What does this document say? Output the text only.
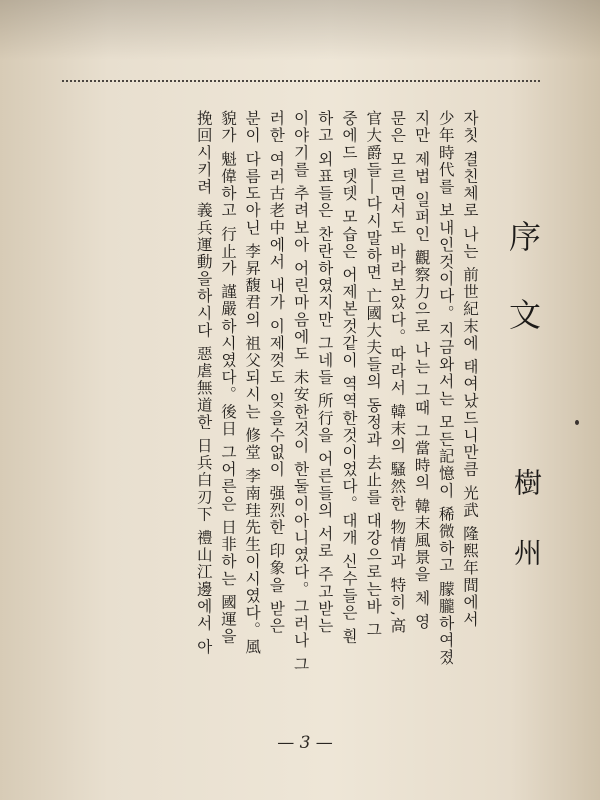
序文
樹州
자칫 결친체로 나는 前世紀末에 태여났드니만큼 光武 隆熙年間에서
少年時代를 보내인것이다。지금와서는 모든記憶이 稀微하고 朦朧하여졌
지만 제법 일퍼인 觀察力으로 나는 그때 그當時의 韓末風景을 체 영
문은 모르면서도 바라보았다。따라서 韓末의 騷然한 物情과 特히,高
官大爵들―다시말하면 亡國大夫들의 동정과 去止를 대강으로는바 그
중에드 뎃뎃 모습은 어제본것같이 역역한것이었다。대개 신수들은 훤
하고 외표들은 찬란하였지만 그네들 所行을 어른들의 서로 주고받는
이야기를 추려보아 어린마음에도 未安한것이 한둘이아니였다。그러나 그
러한 여러古老中에서 내가 이제껏도 잊을수없이 强烈한 印象을 받은
분이 다름도아닌 李昇馥君의 祖父되시는 修堂 李南珪先生이시였다。風
貌가 魁偉하고 行止가 謹嚴하시였다。後日 그어른은 日非하는 國運을
挽回시키려 義兵運動을하시다 惡虐無道한 日兵白刃下 禮山江邊에서 아
— 3 —
